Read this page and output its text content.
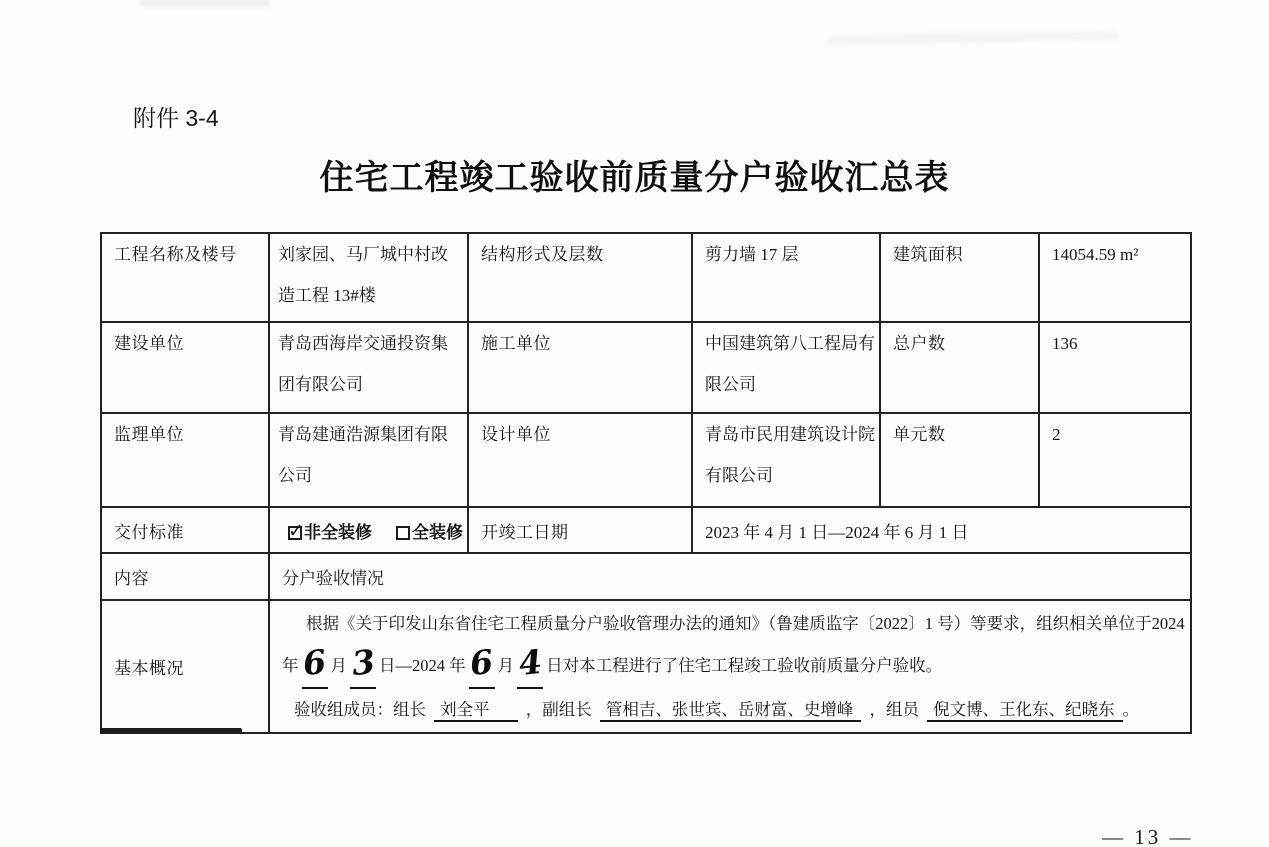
附件 3-4
住宅工程竣工验收前质量分户验收汇总表
工程名称及楼号	刘家园、马厂城中村改造工程 13#楼	结构形式及层数	剪力墙 17 层	建筑面积	14054.59 m²
建设单位	青岛西海岸交通投资集团有限公司	施工单位	中国建筑第八工程局有限公司	总户数	136
监理单位	青岛建通浩源集团有限公司	设计单位	青岛市民用建筑设计院有限公司	单元数	2
交付标准	✓ 非全装修 全装修	开竣工日期	2023 年 4 月 1 日—2024 年 6 月 1 日		
内容	分户验收情况				
基本概况	根据《关于印发山东省住宅工程质量分户验收管理办法的通知》（鲁建质监字〔2022〕1 号）等要求，组织相关单位于2024
年6 月3 日—2024 年6 月4 日对本工程进行了住宅工程竣工验收前质量分户验收。
验收组成员：组长 刘全平 ，副组长 管相吉、张世宾、岳财富、史增峰 ，组员 倪文博、王化东、纪晓东 。				
— 13 —
